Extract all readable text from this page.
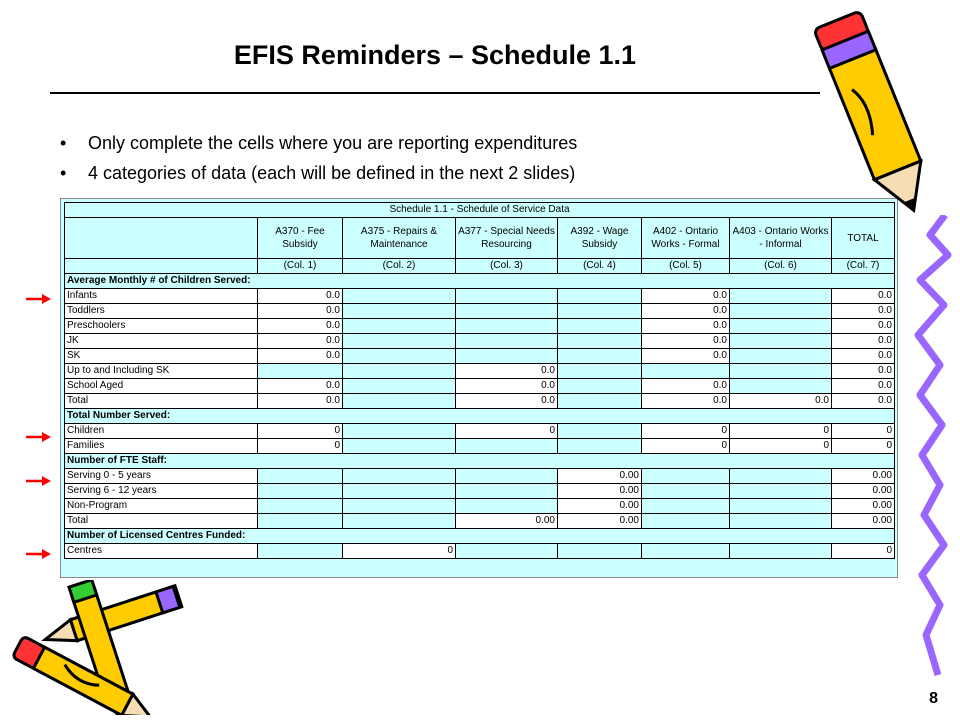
EFIS Reminders – Schedule 1.1
• Only complete the cells where you are reporting expenditures
• 4 categories of data (each will be defined in the next 2 slides)
Schedule 1.1 - Schedule of Service Data							
	A370 - Fee Subsidy	A375 - Repairs & Maintenance	A377 - Special Needs Resourcing	A392 - Wage Subsidy	A402 - Ontario Works - Formal	A403 - Ontario Works - Informal	TOTAL
	(Col. 1)	(Col. 2)	(Col. 3)	(Col. 4)	(Col. 5)	(Col. 6)	(Col. 7)
Average Monthly # of Children Served:							
Infants	0.0				0.0		0.0
Toddlers	0.0				0.0		0.0
Preschoolers	0.0				0.0		0.0
JK	0.0				0.0		0.0
SK	0.0				0.0		0.0
Up to and Including SK			0.0				0.0
School Aged	0.0		0.0		0.0		0.0
Total	0.0		0.0		0.0	0.0	0.0
Total Number Served:							
Children	0		0		0	0	0
Families	0				0	0	0
Number of FTE Staff:							
Serving 0 - 5 years				0.00			0.00
Serving 6 - 12 years				0.00			0.00
Non-Program				0.00			0.00
Total			0.00	0.00			0.00
Number of Licensed Centres Funded:							
Centres		0					0
8
